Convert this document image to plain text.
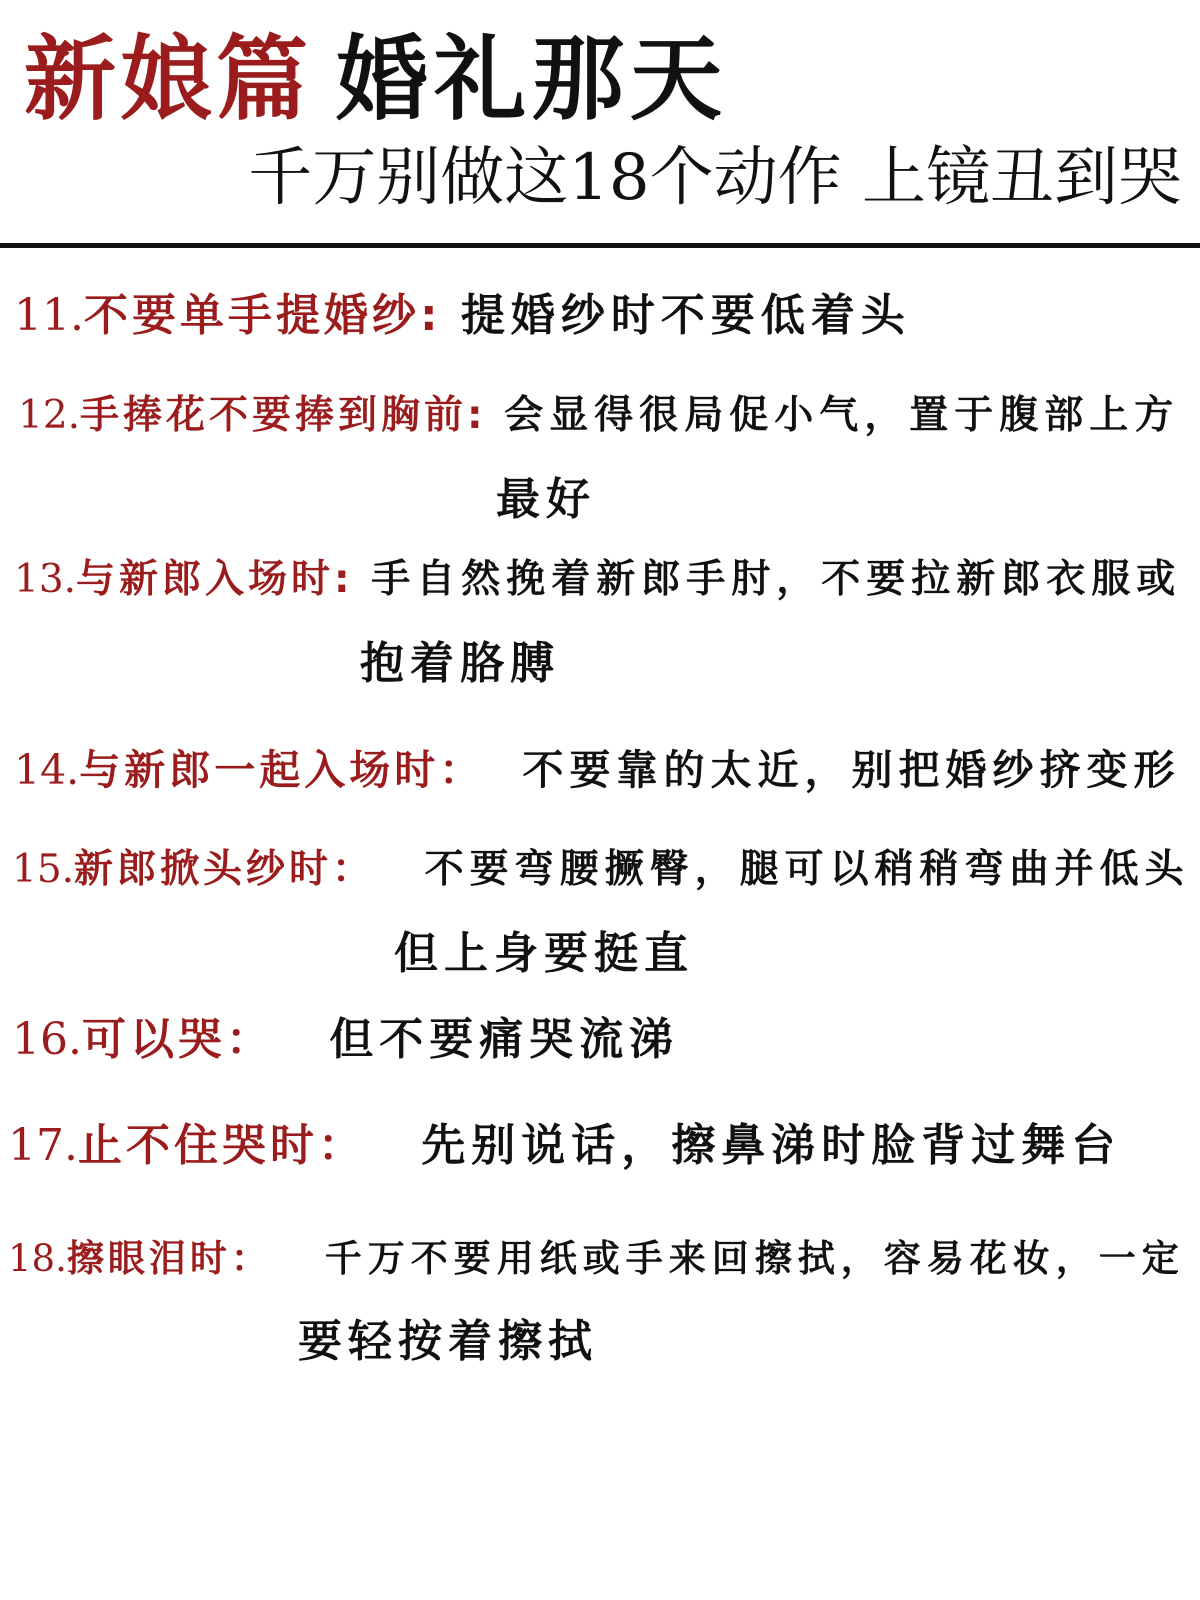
新娘篇 婚礼那天
千万别做这18个动作 上镜丑到哭
11.不要单手提婚纱: 提婚纱时不要低着头
12.手捧花不要捧到胸前: 会显得很局促小气，置于腹部上方
最好
13.与新郎入场时: 手自然挽着新郎手肘，不要拉新郎衣服或
抱着胳膊
14.与新郎一起入场时： 不要靠的太近，别把婚纱挤变形
15.新郎掀头纱时： 不要弯腰撅臀，腿可以稍稍弯曲并低头
但上身要挺直
16.可以哭： 但不要痛哭流涕
17.止不住哭时： 先别说话，擦鼻涕时脸背过舞台
18.擦眼泪时： 千万不要用纸或手来回擦拭，容易花妆，一定
要轻按着擦拭
